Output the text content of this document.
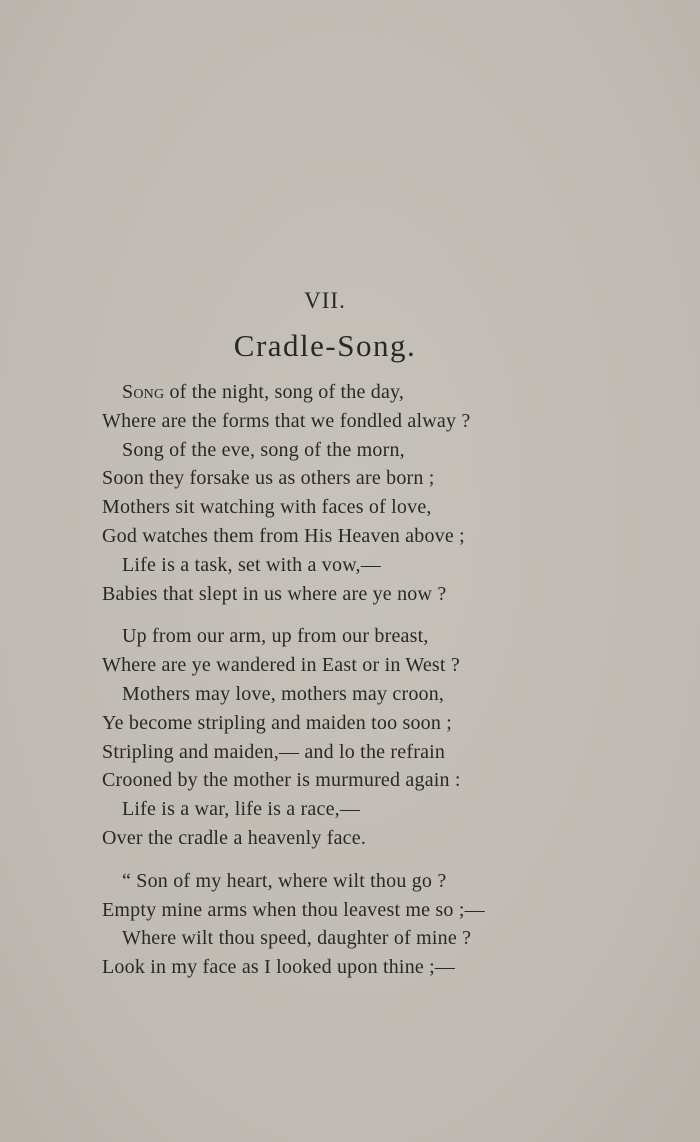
VII.
Cradle-Song.
Song of the night, song of the day,
Where are the forms that we fondled alway ?
Song of the eve, song of the morn,
Soon they forsake us as others are born ;
Mothers sit watching with faces of love,
God watches them from His Heaven above ;
Life is a task, set with a vow,—
Babies that slept in us where are ye now ?
Up from our arm, up from our breast,
Where are ye wandered in East or in West ?
Mothers may love, mothers may croon,
Ye become stripling and maiden too soon ;
Stripling and maiden,— and lo the refrain
Crooned by the mother is murmured again :
Life is a war, life is a race,—
Over the cradle a heavenly face.
“ Son of my heart, where wilt thou go ?
Empty mine arms when thou leavest me so ;—
Where wilt thou speed, daughter of mine ?
Look in my face as I looked upon thine ;—
